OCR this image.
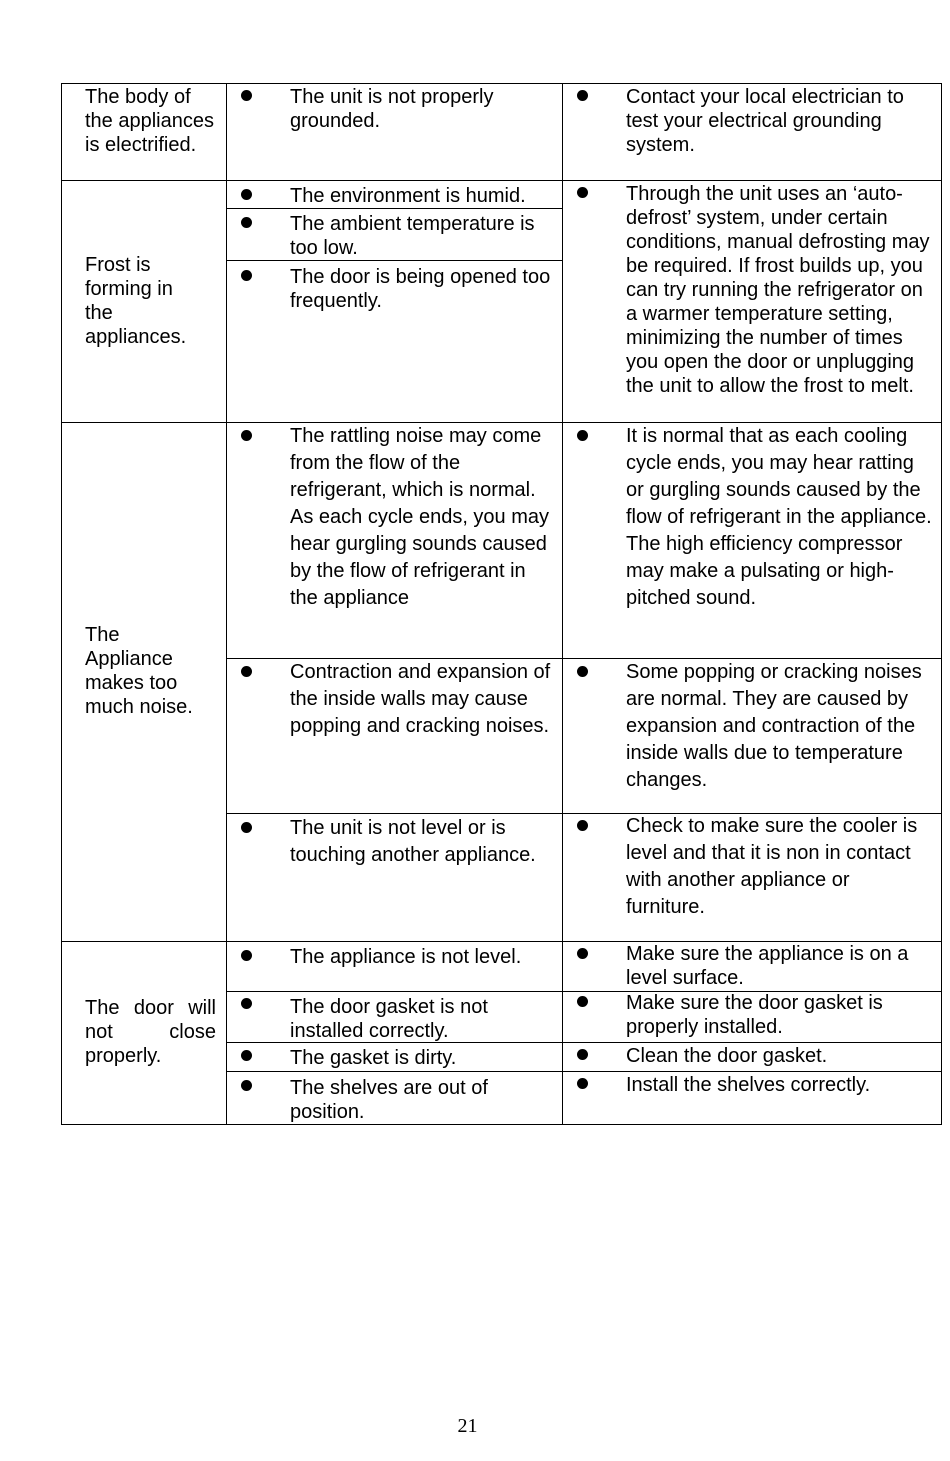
The body of the appliances is electrified.

The unit is not properly grounded.

Contact your local electrician to test your electrical grounding system.

Frost is forming in the appliances.

The environment is humid.

The ambient temperature is too low.

The door is being opened too frequently.

Through the unit uses an ‘auto-defrost’ system, under certain conditions, manual defrosting may be required. If frost builds up, you can try running the refrigerator on a warmer temperature setting, minimizing the number of times you open the door or unplugging the unit to allow the frost to melt.

The Appliance makes too much noise.

The rattling noise may come from the flow of the refrigerant, which is normal. As each cycle ends, you may hear gurgling sounds caused by the flow of refrigerant in the appliance

It is normal that as each cooling cycle ends, you may hear ratting or gurgling sounds caused by the flow of refrigerant in the appliance. The high efficiency compressor may make a pulsating or high-pitched sound.

Contraction and expansion of the inside walls may cause popping and cracking noises.

Some popping or cracking noises are normal. They are caused by expansion and contraction of the inside walls due to temperature changes.

The unit is not level or is touching another appliance.

Check to make sure the cooler is level and that it is non in contact with another appliance or furniture.

The door will not close properly.

The appliance is not level.	Make sure the appliance is on a level surface.

The door gasket is not installed correctly.

Make sure the door gasket is properly installed.

The gasket is dirty.	Clean the door gasket.

The shelves are out of position.

Install the shelves correctly.

21
